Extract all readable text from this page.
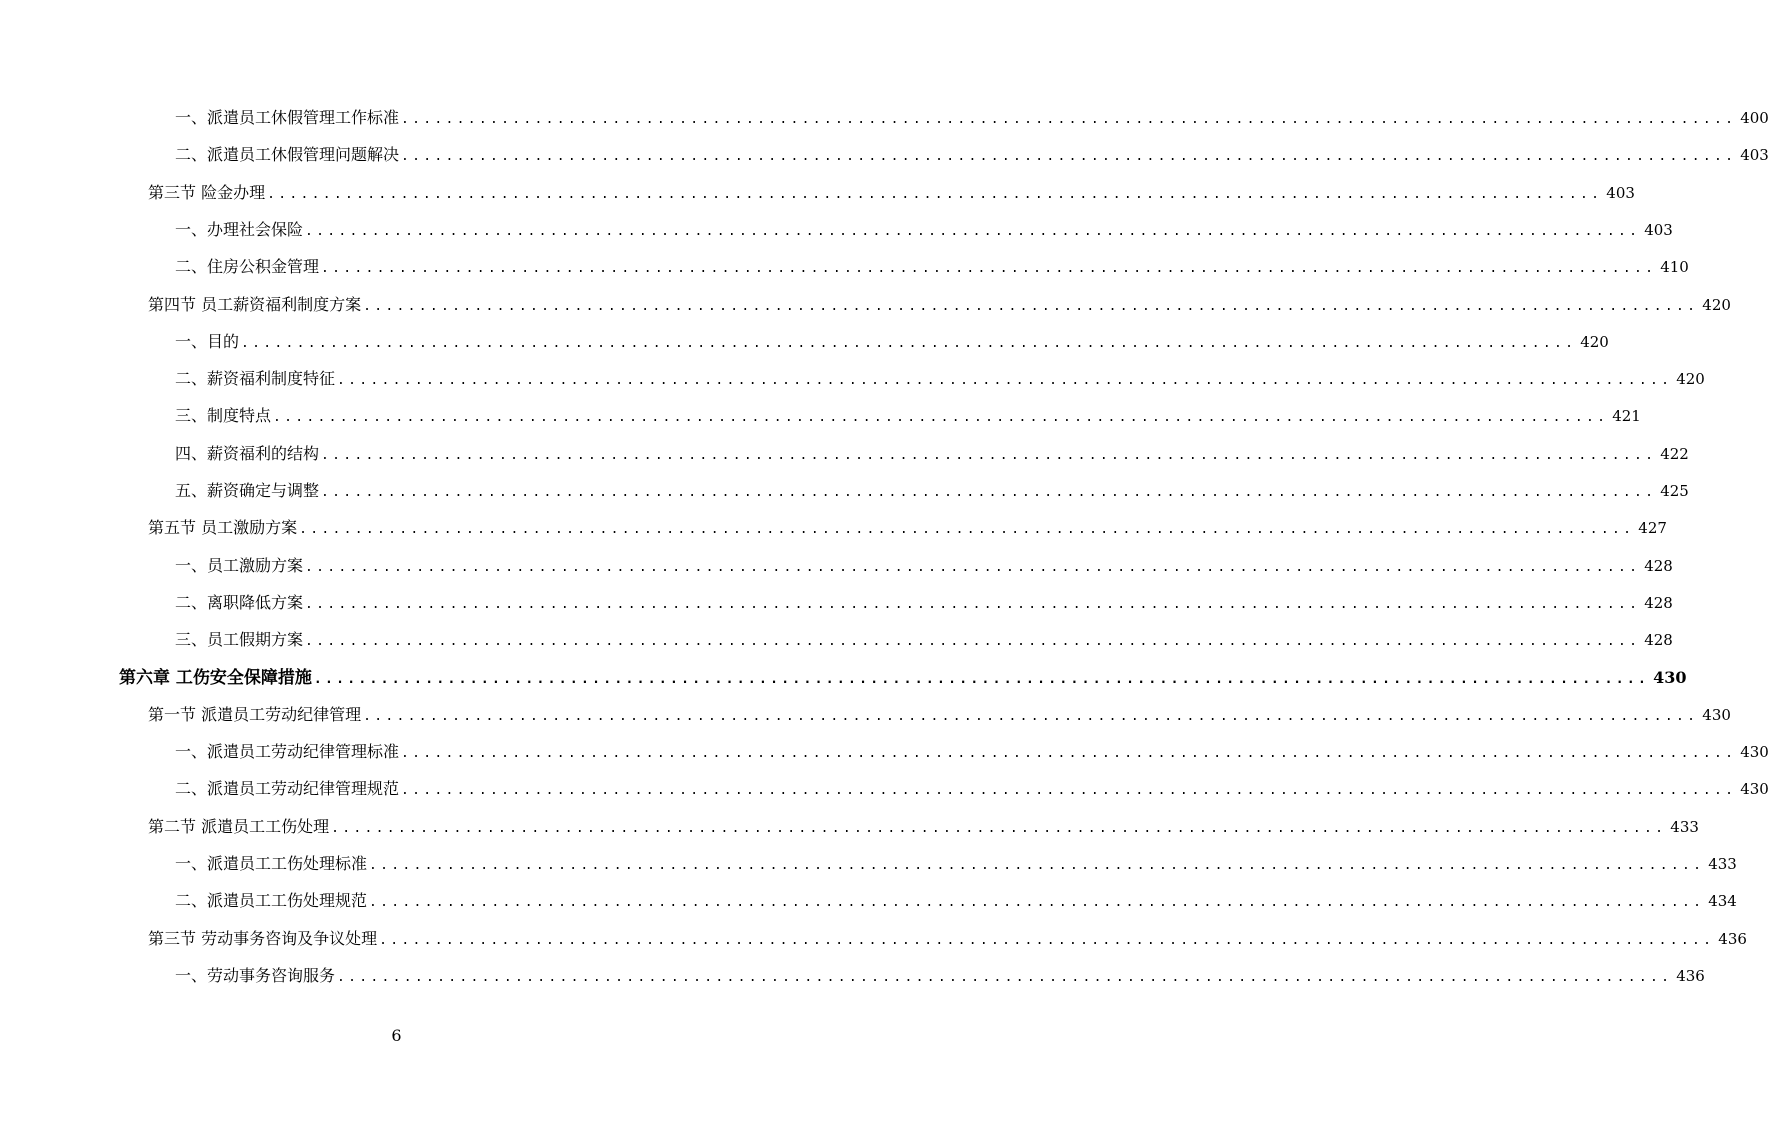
一、派遣员工休假管理工作标准 ........................................................................................................................ 400
二、派遣员工休假管理问题解决 ........................................................................................................................ 403
第三节 险金办理 ........................................................................................................................ 403
一、办理社会保险 ........................................................................................................................ 403
二、住房公积金管理 ........................................................................................................................ 410
第四节 员工薪资福利制度方案 ........................................................................................................................ 420
一、目的 ........................................................................................................................ 420
二、薪资福利制度特征 ........................................................................................................................ 420
三、制度特点 ........................................................................................................................ 421
四、薪资福利的结构 ........................................................................................................................ 422
五、薪资确定与调整 ........................................................................................................................ 425
第五节 员工激励方案 ........................................................................................................................ 427
一、员工激励方案 ........................................................................................................................ 428
二、离职降低方案 ........................................................................................................................ 428
三、员工假期方案 ........................................................................................................................ 428
第六章 工伤安全保障措施 ........................................................................................................................ 430
第一节 派遣员工劳动纪律管理 ........................................................................................................................ 430
一、派遣员工劳动纪律管理标准 ........................................................................................................................ 430
二、派遣员工劳动纪律管理规范 ........................................................................................................................ 430
第二节 派遣员工工伤处理 ........................................................................................................................ 433
一、派遣员工工伤处理标准 ........................................................................................................................ 433
二、派遣员工工伤处理规范 ........................................................................................................................ 434
第三节 劳动事务咨询及争议处理 ........................................................................................................................ 436
一、劳动事务咨询服务 ........................................................................................................................ 436
6
